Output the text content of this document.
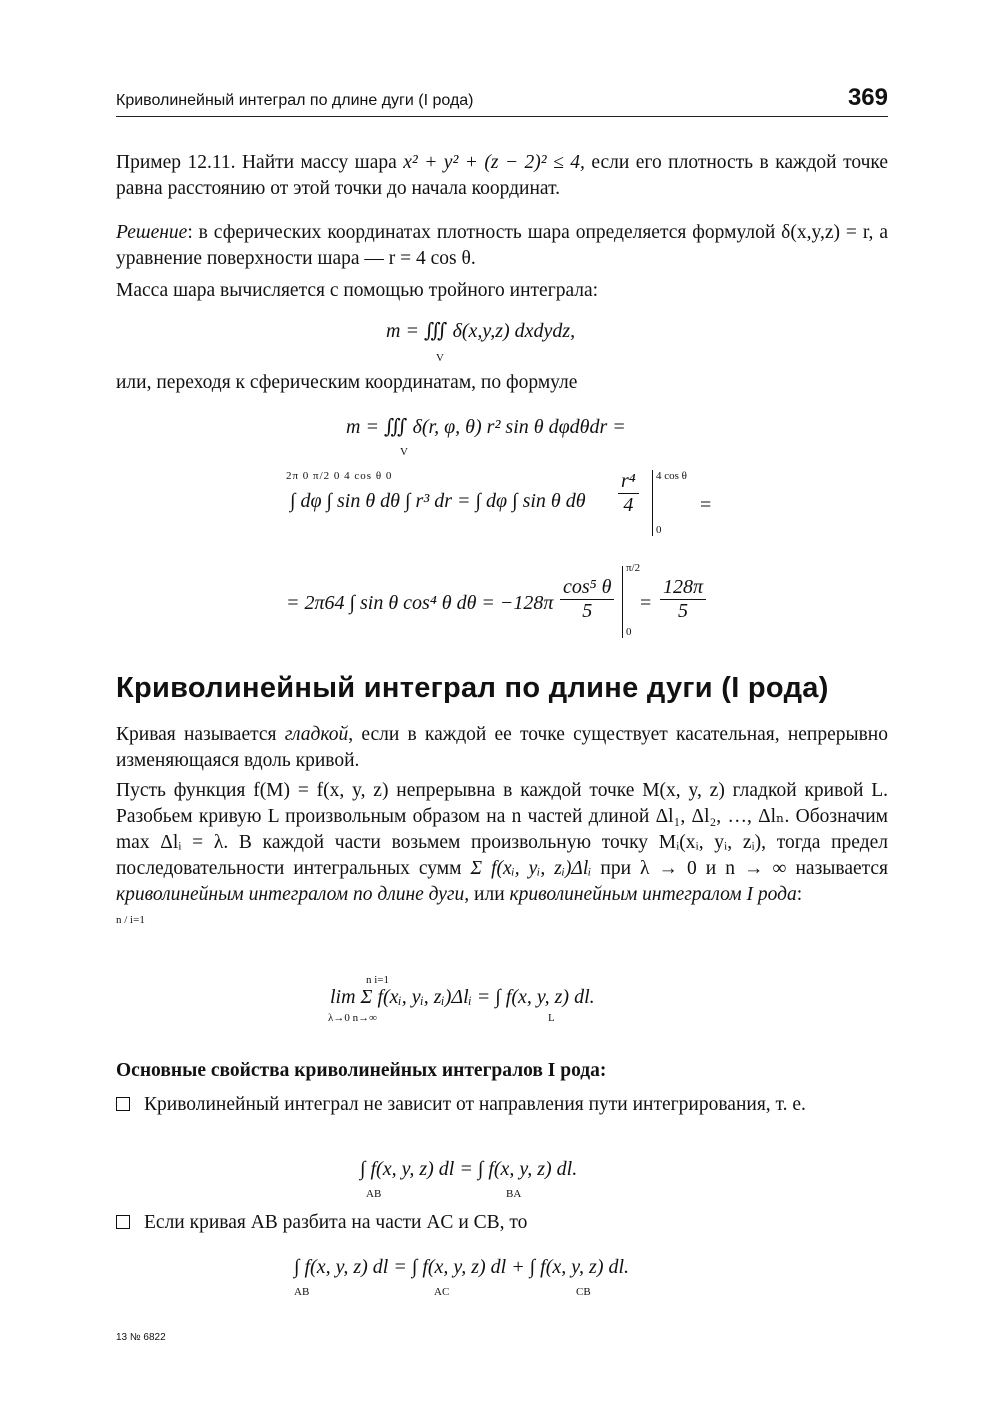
Криволинейный интеграл по длине дуги (I рода)	369
Пример 12.11. Найти массу шара x² + y² + (z − 2)² ≤ 4, если его плотность в каждой точке равна расстоянию от этой точки до начала координат.
Решение: в сферических координатах плотность шара определяется формулой δ(x,y,z) = r, а уравнение поверхности шара — r = 4 cos θ.
Масса шара вычисляется с помощью тройного интеграла:
m = ∭ δ(x,y,z) dxdydz,
V
или, переходя к сферическим координатам, по формуле
m = ∭ δ(r, φ, θ) r² sin θ dφdθdr =
V
∫ dφ ∫ sin θ dθ ∫ r³ dr = ∫ dφ ∫ sin θ dθ
2π 0 π/2 0 4 cos θ 0	$\frac{\text{r⁴}}{4} 4$ cos θ
0
=
= 2π64 ∫ sin θ cos⁴ θ $d\theta = -128\pi \frac{\text{cos⁵ θ}}{5}$
π/2
0
= $\frac{128\pi}{5}$
Криволинейный интеграл по длине дуги (I рода)
Кривая называется гладкой, если в каждой ее точке существует касательная, непрерывно изменяющаяся вдоль кривой.
Пусть функция f(M) = f(x, y, z) непрерывна в каждой точке M(x, y, z) гладкой кривой L. Разобьем кривую L произвольным образом на n частей длиной Δl₁, Δl₂, …, Δlₙ. Обозначим max Δlᵢ = λ. В каждой части возьмем произвольную точку Mᵢ(xᵢ, yᵢ, zᵢ), тогда предел последовательности интегральных сумм Σ f(xᵢ, yᵢ, zᵢ)Δlᵢ при λ → 0 и n → ∞ называется криволинейным интегралом по длине дуги, или криволинейным интегралом I рода:
n / i=1
lim Σ f(xᵢ, yᵢ, zᵢ)Δlᵢ = ∫ f(x, y, z) dl.
λ→0 n→∞
n i=1
L
Основные свойства криволинейных интегралов I рода:
Криволинейный интеграл не зависит от направления пути интегрирования, т. е.
∫ f(x, y, z) dl = ∫ f(x, y, z) dl.
AB	BA
Если кривая AB разбита на части AC и CB, то
∫ f(x, y, z) dl = ∫ f(x, y, z) dl + ∫ f(x, y, z) dl.
AB	AC	CB
13 № 6822
